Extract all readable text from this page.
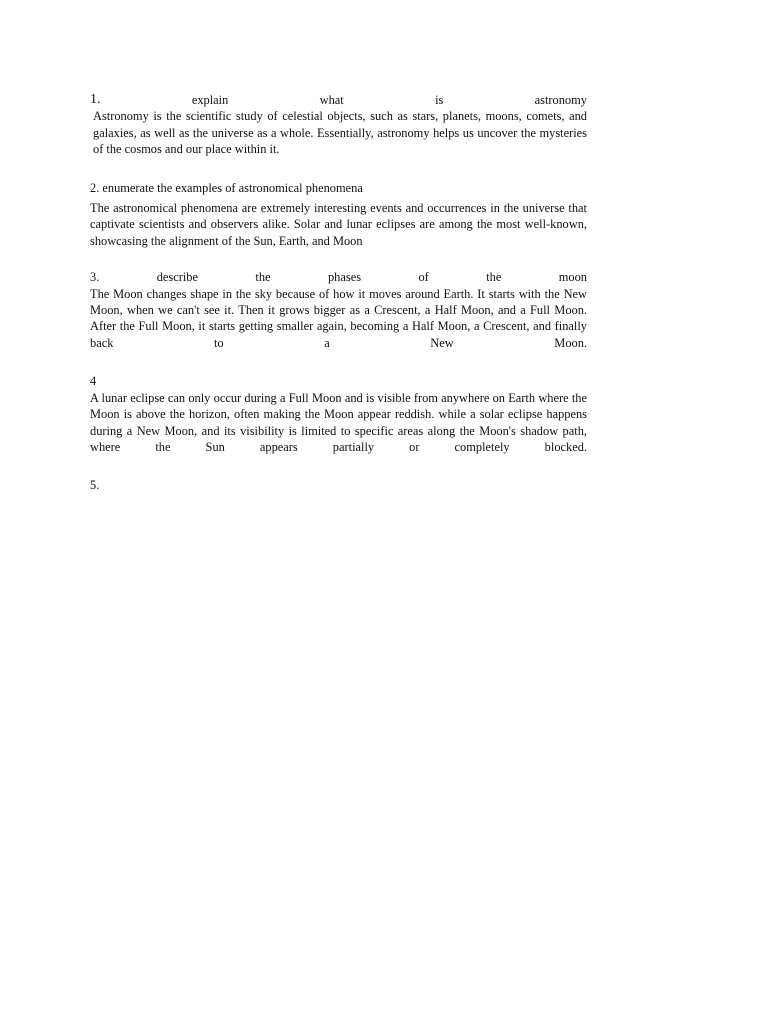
1.	explain	what	is	astronomy

Astronomy is the scientific study of celestial objects, such as stars, planets, moons, comets, and galaxies, as well as the universe as a whole. Essentially, astronomy helps us uncover the mysteries of the cosmos and our place within it.

2. enumerate the examples of astronomical phenomena

The astronomical phenomena are extremely interesting events and occurrences in the universe that captivate scientists and observers alike. Solar and lunar eclipses are among the most well-known, showcasing the alignment of the Sun, Earth, and Moon

3.	describe	the	phases	of	the	moon

The Moon changes shape in the sky because of how it moves around Earth. It starts with the New Moon, when we can't see it. Then it grows bigger as a Crescent, a Half Moon, and a Full Moon. After the Full Moon, it starts getting smaller again, becoming a Half Moon, a Crescent, and finally back to a New Moon.

4

A lunar eclipse can only occur during a Full Moon and is visible from anywhere on Earth where the Moon is above the horizon, often making the Moon appear reddish. while a solar eclipse happens during a New Moon, and its visibility is limited to specific areas along the Moon's shadow path, where the Sun appears partially or completely blocked.

5.
